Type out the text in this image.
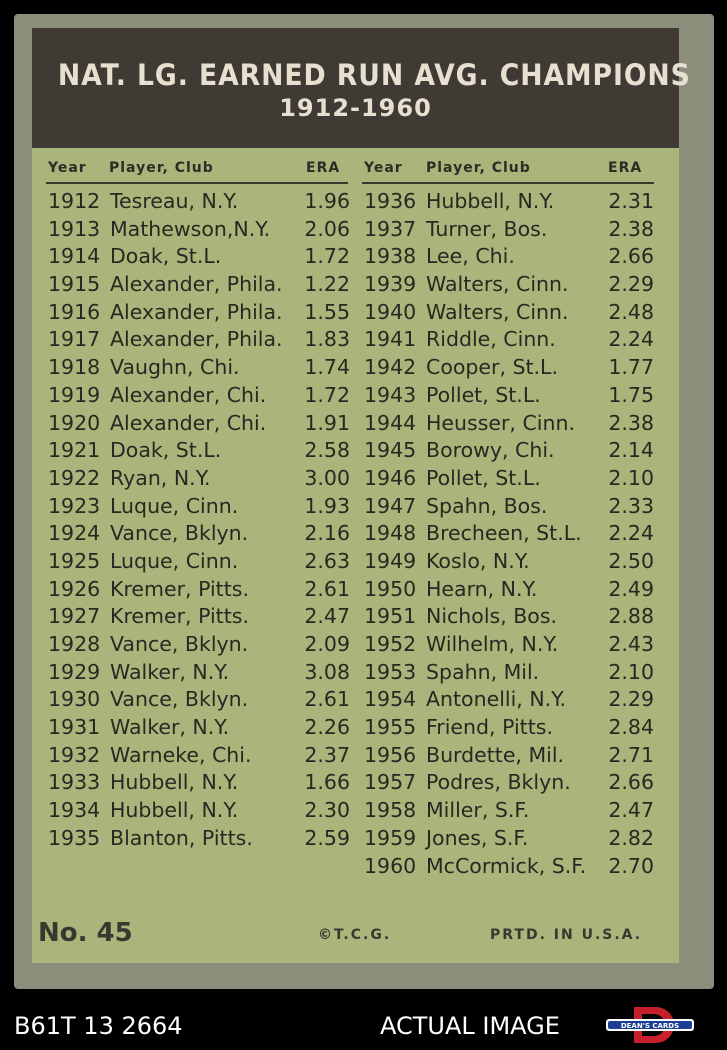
NAT. LG. EARNED RUN AVG. CHAMPIONS
1912-1960
Year Player, Club	ERA Year Player, Club	ERA
1912 Tesreau, N.Y.	1.96
1913 Mathewson,N.Y. 2.06
1914 Doak, St.L.	1.72
1915 Alexander, Phila. 1.22
1916 Alexander, Phila. 1.55
1917 Alexander, Phila. 1.83
1918 Vaughn, Chi.	1.74
1919 Alexander, Chi. 1.72
1920 Alexander, Chi. 1.91
1921 Doak, St.L.	2.58
1922 Ryan, N.Y.	3.00
1923 Luque, Cinn.	1.93
1924 Vance, Bklyn.	2.16
1925 Luque, Cinn.	2.63
1926 Kremer, Pitts.	2.61
1927 Kremer, Pitts.	2.47
1928 Vance, Bklyn.	2.09
1929 Walker, N.Y.	3.08
1930 Vance, Bklyn.	2.61
1931 Walker, N.Y.	2.26
1932 Warneke, Chi.	2.37
1933 Hubbell, N.Y.	1.66
1934 Hubbell, N.Y.	2.30
1935 Blanton, Pitts.	2.59
1936 Hubbell, N.Y.	2.31
1937 Turner, Bos.	2.38
1938 Lee, Chi.	2.66
1939 Walters, Cinn. 2.29
1940 Walters, Cinn. 2.48
1941 Riddle, Cinn.	2.24
1942 Cooper, St.L. 1.77
1943 Pollet, St.L.	1.75
1944 Heusser, Cinn. 2.38
1945 Borowy, Chi.	2.14
1946 Pollet, St.L.	2.10
1947 Spahn, Bos.	2.33
1948 Brecheen, St.L. 2.24
1949 Koslo, N.Y.	2.50
1950 Hearn, N.Y.	2.49
1951 Nichols, Bos.	2.88
1952 Wilhelm, N.Y. 2.43
1953 Spahn, Mil.	2.10
1954 Antonelli, N.Y. 2.29
1955 Friend, Pitts.	2.84
1956 Burdette, Mil. 2.71
1957 Podres, Bklyn. 2.66
1958 Miller, S.F.	2.47
1959 Jones, S.F.	2.82
1960 McCormick, S.F. 2.70
No. 45	©T.C.G.	PRTD. IN U.S.A.
B61T 13 2664	ACTUAL IMAGE	DEAN'S CARDS
